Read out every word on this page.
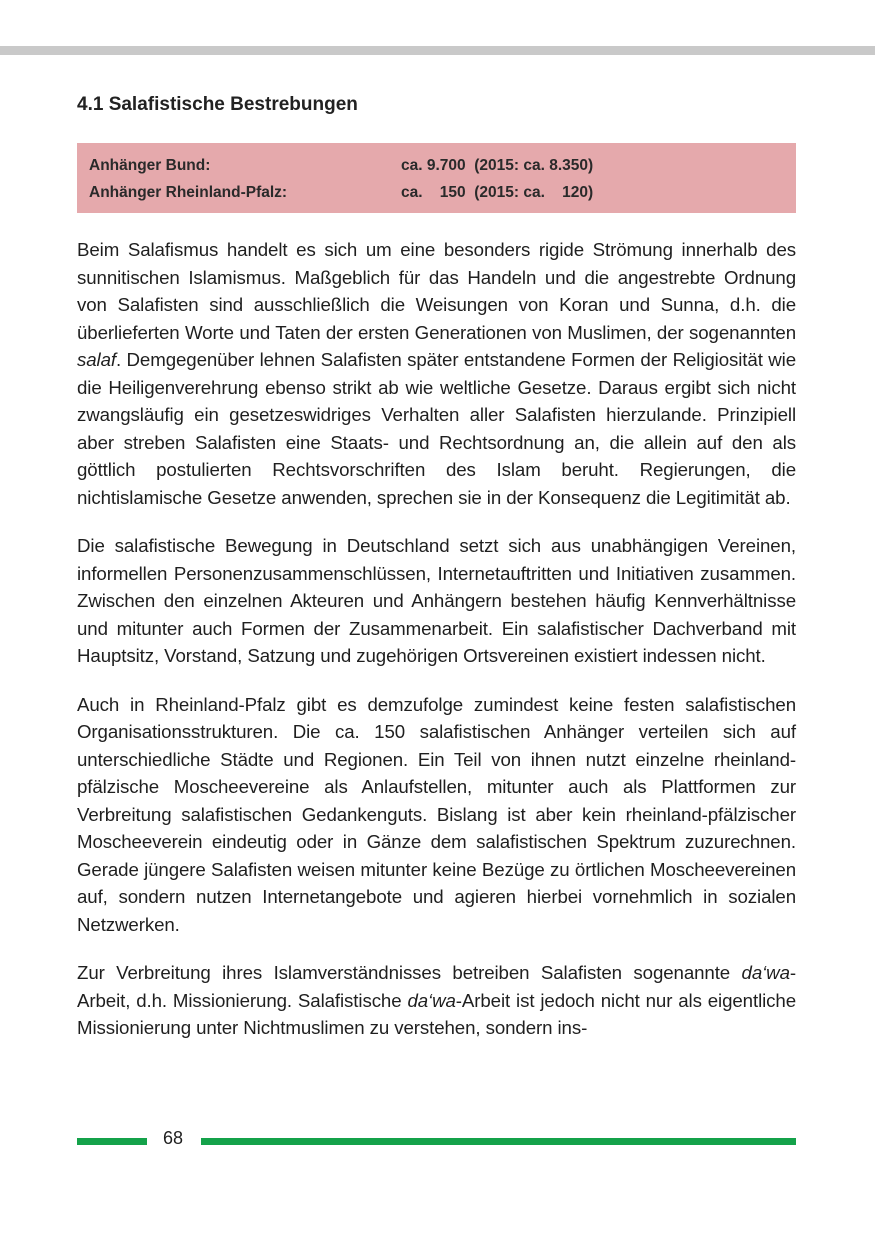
4.1 Salafistische Bestrebungen
Anhänger Bund:	ca. 9.700  (2015: ca. 8.350)
Anhänger Rheinland-Pfalz:	ca.    150  (2015: ca.    120)

Beim Salafismus handelt es sich um eine besonders rigide Strömung innerhalb des sunnitischen Islamismus. Maßgeblich für das Handeln und die angestrebte Ordnung von Salafisten sind ausschließlich die Weisungen von Koran und Sunna, d.h. die überlieferten Worte und Taten der ersten Generationen von Muslimen, der sogenannten salaf. Demgegenüber lehnen Salafisten später entstandene Formen der Religiosität wie die Heiligenverehrung ebenso strikt ab wie weltliche Gesetze. Daraus ergibt sich nicht zwangsläufig ein gesetzeswidriges Verhalten aller Salafisten hierzulande. Prinzipiell aber streben Salafisten eine Staats- und Rechtsordnung an, die allein auf den als göttlich postulierten Rechtsvorschriften des Islam beruht. Regierungen, die nichtislamische Gesetze anwenden, sprechen sie in der Konsequenz die Legitimität ab.

Die salafistische Bewegung in Deutschland setzt sich aus unabhängigen Vereinen, informellen Personenzusammenschlüssen, Internetauftritten und Initiativen zusammen. Zwischen den einzelnen Akteuren und Anhängern bestehen häufig Kennverhältnisse und mitunter auch Formen der Zusammenarbeit. Ein salafistischer Dachverband mit Hauptsitz, Vorstand, Satzung und zugehörigen Ortsvereinen existiert indessen nicht.

Auch in Rheinland-Pfalz gibt es demzufolge zumindest keine festen salafistischen Organisationsstrukturen. Die ca. 150 salafistischen Anhänger verteilen sich auf unterschiedliche Städte und Regionen. Ein Teil von ihnen nutzt einzelne rheinland-pfälzische Moscheevereine als Anlaufstellen, mitunter auch als Plattformen zur Verbreitung salafistischen Gedankenguts. Bislang ist aber kein rheinland-pfälzischer Moscheeverein eindeutig oder in Gänze dem salafistischen Spektrum zuzurechnen. Gerade jüngere Salafisten weisen mitunter keine Bezüge zu örtlichen Moscheevereinen auf, sondern nutzen Internetangebote und agieren hierbei vornehmlich in sozialen Netzwerken.

Zur Verbreitung ihres Islamverständnisses betreiben Salafisten sogenannte da‘wa-Arbeit, d.h. Missionierung. Salafistische da‘wa-Arbeit ist jedoch nicht nur als eigentliche Missionierung unter Nichtmuslimen zu verstehen, sondern ins-

68
